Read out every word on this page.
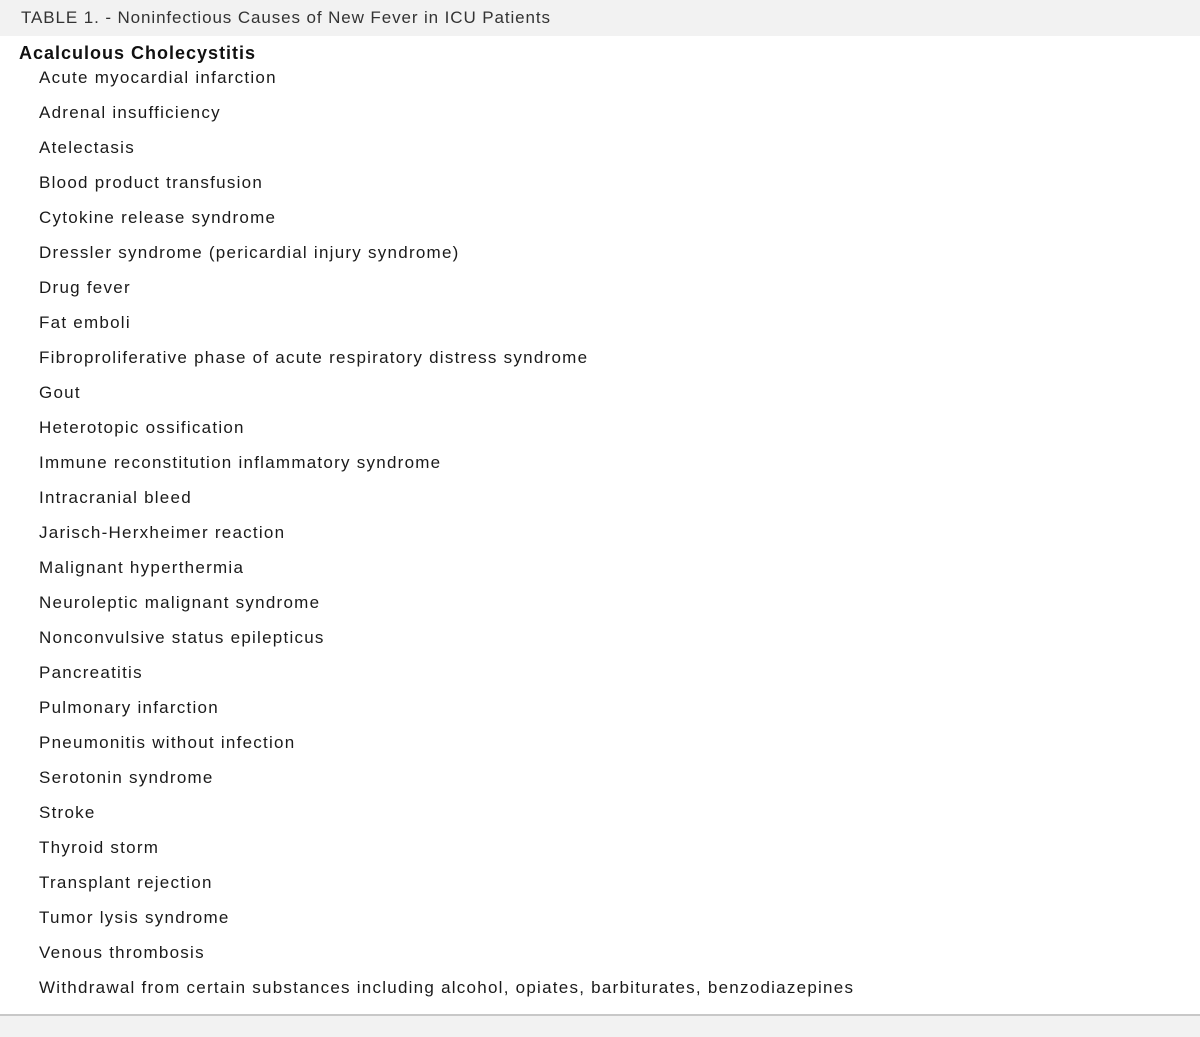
TABLE 1. - Noninfectious Causes of New Fever in ICU Patients
Acalculous Cholecystitis
Acute myocardial infarction
Adrenal insufficiency
Atelectasis
Blood product transfusion
Cytokine release syndrome
Dressler syndrome (pericardial injury syndrome)
Drug fever
Fat emboli
Fibroproliferative phase of acute respiratory distress syndrome
Gout
Heterotopic ossification
Immune reconstitution inflammatory syndrome
Intracranial bleed
Jarisch-Herxheimer reaction
Malignant hyperthermia
Neuroleptic malignant syndrome
Nonconvulsive status epilepticus
Pancreatitis
Pulmonary infarction
Pneumonitis without infection
Serotonin syndrome
Stroke
Thyroid storm
Transplant rejection
Tumor lysis syndrome
Venous thrombosis
Withdrawal from certain substances including alcohol, opiates, barbiturates, benzodiazepines
